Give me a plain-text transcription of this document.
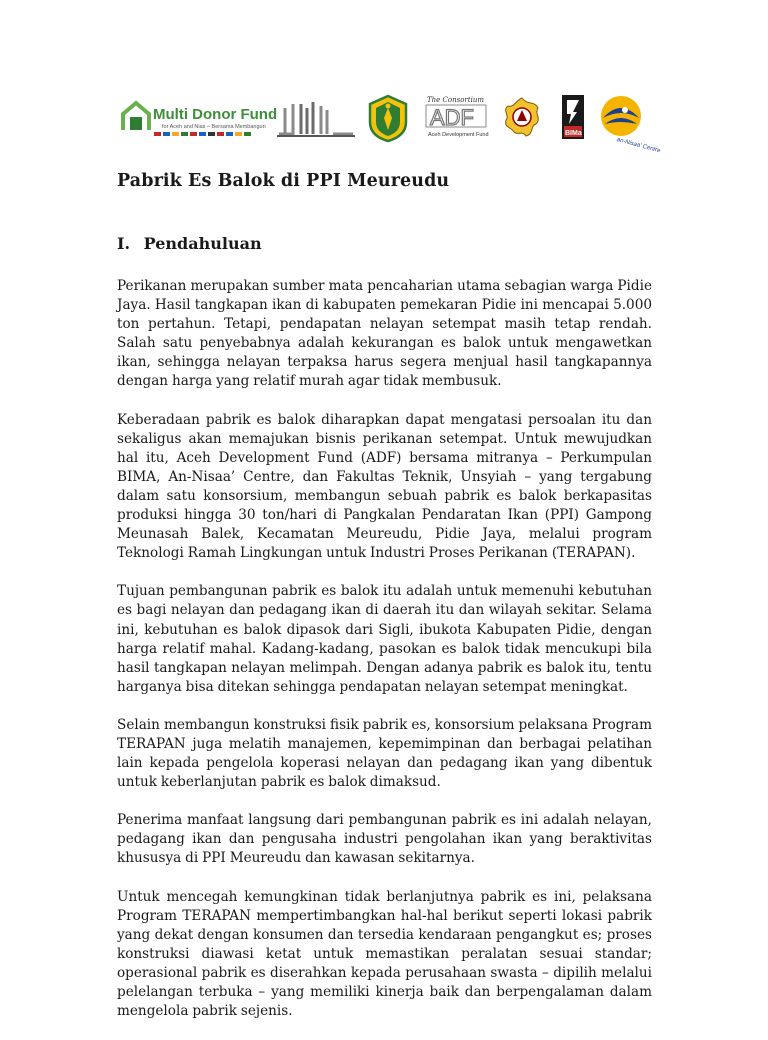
Multi Donor Fund
for Aceh and Nias – Bersama Membangun
The Consortium
ADF
Aceh Development Fund	BIMa
an-Nisaa' Centre
Pabrik Es Balok di PPI Meureudu
I. Pendahuluan

Perikanan merupakan sumber mata pencaharian utama sebagian warga Pidie Jaya. Hasil tangkapan ikan di kabupaten pemekaran Pidie ini mencapai 5.000 ton pertahun. Tetapi, pendapatan nelayan setempat masih tetap rendah. Salah satu penyebabnya adalah kekurangan es balok untuk mengawetkan ikan, sehingga nelayan terpaksa harus segera menjual hasil tangkapannya dengan harga yang relatif murah agar tidak membusuk.

Keberadaan pabrik es balok diharapkan dapat mengatasi persoalan itu dan sekaligus akan memajukan bisnis perikanan setempat. Untuk mewujudkan hal itu, Aceh Development Fund (ADF) bersama mitranya – Perkumpulan BIMA, An-Nisaa’ Centre, dan Fakultas Teknik, Unsyiah – yang tergabung dalam satu konsorsium, membangun sebuah pabrik es balok berkapasitas produksi hingga 30 ton/hari di Pangkalan Pendaratan Ikan (PPI) Gampong Meunasah Balek, Kecamatan Meureudu, Pidie Jaya, melalui program Teknologi Ramah Lingkungan untuk Industri Proses Perikanan (TERAPAN).

Tujuan pembangunan pabrik es balok itu adalah untuk memenuhi kebutuhan es bagi nelayan dan pedagang ikan di daerah itu dan wilayah sekitar. Selama ini, kebutuhan es balok dipasok dari Sigli, ibukota Kabupaten Pidie, dengan harga relatif mahal. Kadang-kadang, pasokan es balok tidak mencukupi bila hasil tangkapan nelayan melimpah. Dengan adanya pabrik es balok itu, tentu harganya bisa ditekan sehingga pendapatan nelayan setempat meningkat.

Selain membangun konstruksi fisik pabrik es, konsorsium pelaksana Program TERAPAN juga melatih manajemen, kepemimpinan dan berbagai pelatihan lain kepada pengelola koperasi nelayan dan pedagang ikan yang dibentuk untuk keberlanjutan pabrik es balok dimaksud.

Penerima manfaat langsung dari pembangunan pabrik es ini adalah nelayan, pedagang ikan dan pengusaha industri pengolahan ikan yang beraktivitas khususya di PPI Meureudu dan kawasan sekitarnya.

Untuk mencegah kemungkinan tidak berlanjutnya pabrik es ini, pelaksana Program TERAPAN mempertimbangkan hal-hal berikut seperti lokasi pabrik yang dekat dengan konsumen dan tersedia kendaraan pengangkut es; proses konstruksi diawasi ketat untuk memastikan peralatan sesuai standar; operasional pabrik es diserahkan kepada perusahaan swasta – dipilih melalui pelelangan terbuka – yang memiliki kinerja baik dan berpengalaman dalam mengelola pabrik sejenis.
